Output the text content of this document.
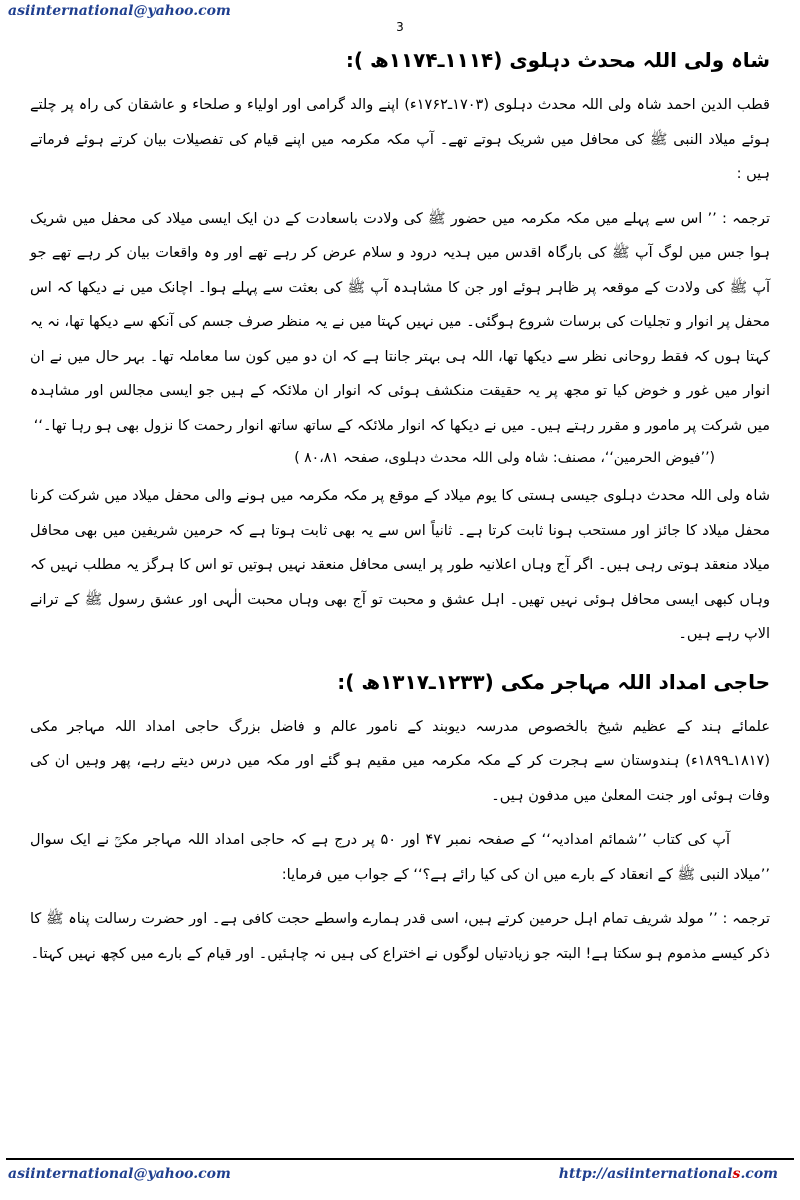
asiinternational@yahoo.com
3
شاہ ولی اللہ محدث دہلوی (۱۱۱۴ـ۱۱۷۴ھ ):

قطب الدین احمد شاہ ولی اللہ محدث دہلوی (۱۷۰۳ـ۱۷۶۲ء) اپنے والد گرامی اور اولیاء و صلحاء و عاشقان کی راہ پر چلتے ہوئے میلاد النبی ﷺ کی محافل میں شریک ہوتے تھے۔ آپ مکہ مکرمہ میں اپنے قیام کی تفصیلات بیان کرتے ہوئے فرماتے ہیں :

ترجمہ : ’’ اس سے پہلے میں مکہ مکرمہ میں حضور ﷺ کی ولادت باسعادت کے دن ایک ایسی میلاد کی محفل میں شریک ہوا جس میں لوگ آپ ﷺ کی بارگاہ اقدس میں ہدیہ درود و سلام عرض کر رہے تھے اور وہ واقعات بیان کر رہے تھے جو آپ ﷺ کی ولادت کے موقعہ پر ظاہر ہوئے اور جن کا مشاہدہ آپ ﷺ کی بعثت سے پہلے ہوا۔ اچانک میں نے دیکھا کہ اس محفل پر انوار و تجلیات کی برسات شروع ہوگئی۔ میں نہیں کہتا میں نے یہ منظر صرف جسم کی آنکھ سے دیکھا تھا، نہ یہ کہتا ہوں کہ فقط روحانی نظر سے دیکھا تھا، اللہ ہی بہتر جانتا ہے کہ ان دو میں کون سا معاملہ تھا۔ بہر حال میں نے ان انوار میں غور و خوض کیا تو مجھ پر یہ حقیقت منکشف ہوئی کہ انوار ان ملائکہ کے ہیں جو ایسی مجالس اور مشاہدہ میں شرکت پر مامور و مقرر رہتے ہیں۔ میں نے دیکھا کہ انوار ملائکہ کے ساتھ ساتھ انوار رحمت کا نزول بھی ہو رہا تھا۔‘‘

(’’فیوض الحرمین‘‘، مصنف: شاہ ولی اللہ محدث دہلوی، صفحہ ۸۰،۸۱ )

شاہ ولی اللہ محدث دہلوی جیسی ہستی کا یوم میلاد کے موقع پر مکہ مکرمہ میں ہونے والی محفل میلاد میں شرکت کرنا محفل میلاد کا جائز اور مستحب ہونا ثابت کرتا ہے۔ ثانیاً اس سے یہ بھی ثابت ہوتا ہے کہ حرمین شریفین میں بھی محافل میلاد منعقد ہوتی رہی ہیں۔ اگر آج وہاں اعلانیہ طور پر ایسی محافل منعقد نہیں ہوتیں تو اس کا ہرگز یہ مطلب نہیں کہ وہاں کبھی ایسی محافل ہوئی نہیں تھیں۔ اہل عشق و محبت تو آج بھی وہاں محبت الٰہی اور عشق رسول ﷺ کے ترانے الاپ رہے ہیں۔

حاجی امداد اللہ مہاجر مکی (۱۲۳۳ـ۱۳۱۷ھ ):

علمائے ہند کے عظیم شیخ بالخصوص مدرسہ دیوبند کے نامور عالم و فاضل بزرگ حاجی امداد اللہ مہاجر مکی (۱۸۱۷ـ۱۸۹۹ء) ہندوستان سے ہجرت کر کے مکہ مکرمہ میں مقیم ہو گئے اور مکہ میں درس دیتے رہے، پھر وہیں ان کی وفات ہوئی اور جنت المعلیٰ میں مدفون ہیں۔

آپ کی کتاب ’’شمائم امدادیہ‘‘ کے صفحہ نمبر ۴۷ اور ۵۰ پر درج ہے کہ حاجی امداد اللہ مہاجر مکیؒ نے ایک سوال ’’میلاد النبی ﷺ کے انعقاد کے بارے میں ان کی کیا رائے ہے؟‘‘ کے جواب میں فرمایا:

ترجمہ : ’’ مولد شریف تمام اہل حرمین کرتے ہیں، اسی قدر ہمارے واسطے حجت کافی ہے۔ اور حضرت رسالت پناہ ﷺ کا ذکر کیسے مذموم ہو سکتا ہے! البتہ جو زیادتیاں لوگوں نے اختراع کی ہیں نہ چاہئیں۔ اور قیام کے بارے میں کچھ نہیں کہتا۔

asiinternational@yahoo.com	http://asiinternationals.com
